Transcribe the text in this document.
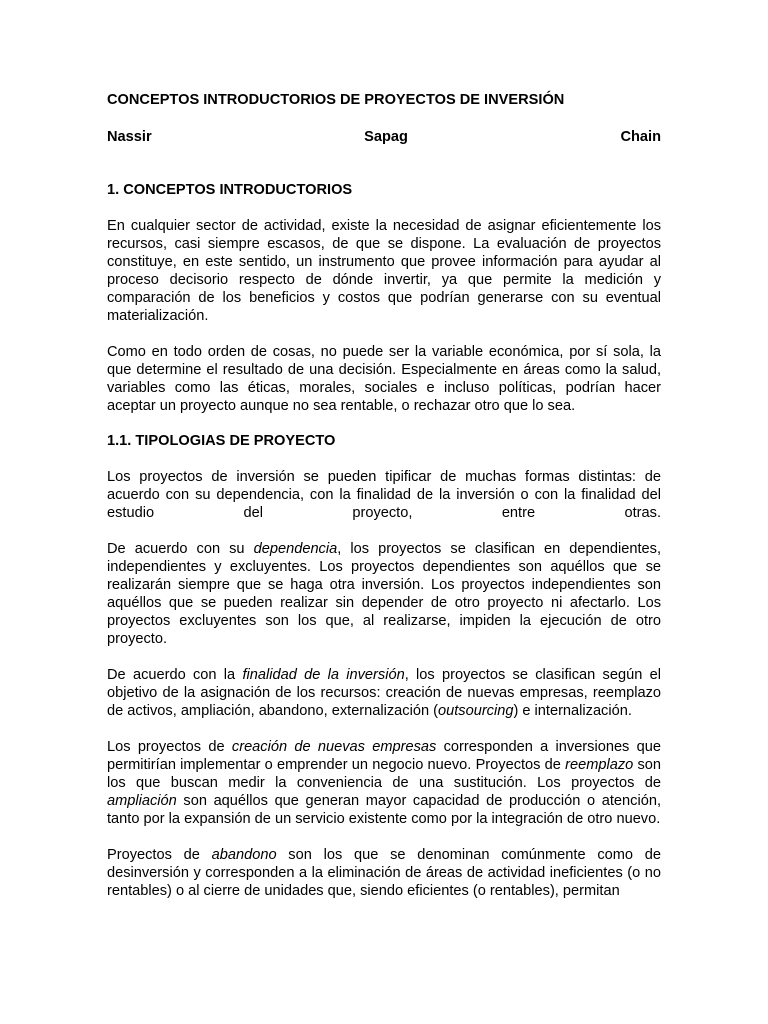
CONCEPTOS INTRODUCTORIOS DE PROYECTOS DE INVERSIÓN
Nassir	Sapag	Chain
1. CONCEPTOS INTRODUCTORIOS

En cualquier sector de actividad, existe la necesidad de asignar eficientemente los recursos, casi siempre escasos, de que se dispone. La evaluación de proyectos constituye, en este sentido, un instrumento que provee información para ayudar al proceso decisorio respecto de dónde invertir, ya que permite la medición y comparación de los beneficios y costos que podrían generarse con su eventual materialización.

Como en todo orden de cosas, no puede ser la variable económica, por sí sola, la que determine el resultado de una decisión. Especialmente en áreas como la salud, variables como las éticas, morales, sociales e incluso políticas, podrían hacer aceptar un proyecto aunque no sea rentable, o rechazar otro que lo sea.

1.1. TIPOLOGIAS DE PROYECTO

Los proyectos de inversión se pueden tipificar de muchas formas distintas: de acuerdo con su dependencia, con la finalidad de la inversión o con la finalidad del estudio del proyecto, entre otras.

De acuerdo con su dependencia, los proyectos se clasifican en dependientes, independientes y excluyentes. Los proyectos dependientes son aquéllos que se realizarán siempre que se haga otra inversión. Los proyectos independientes son aquéllos que se pueden realizar sin depender de otro proyecto ni afectarlo. Los proyectos excluyentes son los que, al realizarse, impiden la ejecución de otro proyecto.

De acuerdo con la finalidad de la inversión, los proyectos se clasifican según el objetivo de la asignación de los recursos: creación de nuevas empresas, reemplazo de activos, ampliación, abandono, externalización (outsourcing) e internalización.

Los proyectos de creación de nuevas empresas corresponden a inversiones que permitirían implementar o emprender un negocio nuevo. Proyectos de reemplazo son los que buscan medir la conveniencia de una sustitución. Los proyectos de ampliación son aquéllos que generan mayor capacidad de producción o atención, tanto por la expansión de un servicio existente como por la integración de otro nuevo.

Proyectos de abandono son los que se denominan comúnmente como de desinversión y corresponden a la eliminación de áreas de actividad ineficientes (o no rentables) o al cierre de unidades que, siendo eficientes (o rentables), permitan
